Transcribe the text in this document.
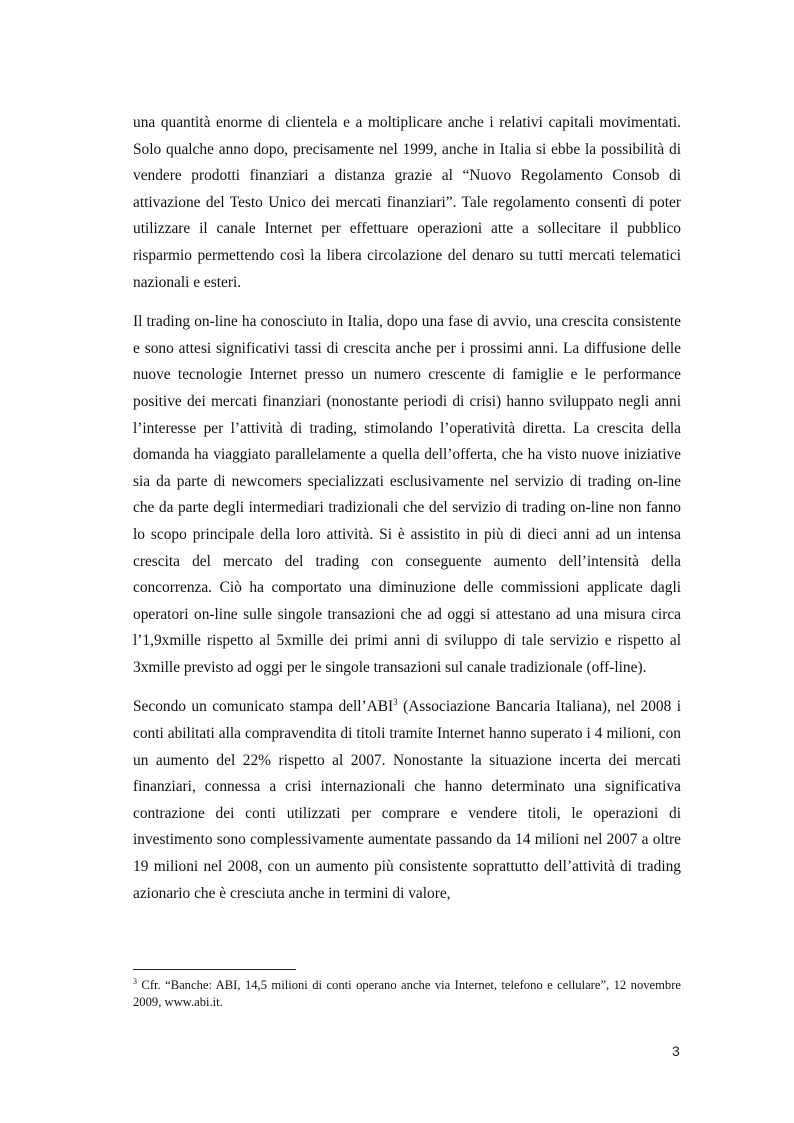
una quantità enorme di clientela e a moltiplicare anche i relativi capitali movimentati. Solo qualche anno dopo, precisamente nel 1999, anche in Italia si ebbe la possibilità di vendere prodotti finanziari a distanza grazie al “Nuovo Regolamento Consob di attivazione del Testo Unico dei mercati finanziari”. Tale regolamento consentì di poter utilizzare il canale Internet per effettuare operazioni atte a sollecitare il pubblico risparmio permettendo così la libera circolazione del denaro su tutti mercati telematici nazionali e esteri.

Il trading on-line ha conosciuto in Italia, dopo una fase di avvio, una crescita consistente e sono attesi significativi tassi di crescita anche per i prossimi anni. La diffusione delle nuove tecnologie Internet presso un numero crescente di famiglie e le performance positive dei mercati finanziari (nonostante periodi di crisi) hanno sviluppato negli anni l’interesse per l’attività di trading, stimolando l’operatività diretta. La crescita della domanda ha viaggiato parallelamente a quella dell’offerta, che ha visto nuove iniziative sia da parte di newcomers specializzati esclusivamente nel servizio di trading on-line che da parte degli intermediari tradizionali che del servizio di trading on-line non fanno lo scopo principale della loro attività. Si è assistito in più di dieci anni ad un intensa crescita del mercato del trading con conseguente aumento dell’intensità della concorrenza. Ciò ha comportato una diminuzione delle commissioni applicate dagli operatori on-line sulle singole transazioni che ad oggi si attestano ad una misura circa l’1,9xmille rispetto al 5xmille dei primi anni di sviluppo di tale servizio e rispetto al 3xmille previsto ad oggi per le singole transazioni sul canale tradizionale (off-line).

Secondo un comunicato stampa dell’ABI$^3$ (Associazione Bancaria Italiana), nel 2008 i conti abilitati alla compravendita di titoli tramite Internet hanno superato i 4 milioni, con un aumento del 22% rispetto al 2007. Nonostante la situazione incerta dei mercati finanziari, connessa a crisi internazionali che hanno determinato una significativa contrazione dei conti utilizzati per comprare e vendere titoli, le operazioni di investimento sono complessivamente aumentate passando da 14 milioni nel 2007 a oltre 19 milioni nel 2008, con un aumento più consistente soprattutto dell’attività di trading azionario che è cresciuta anche in termini di valore,

$^3$ Cfr. “Banche: ABI, 14,5 milioni di conti operano anche via Internet, telefono e cellulare”, 12 novembre 2009, www.abi.it.

3
